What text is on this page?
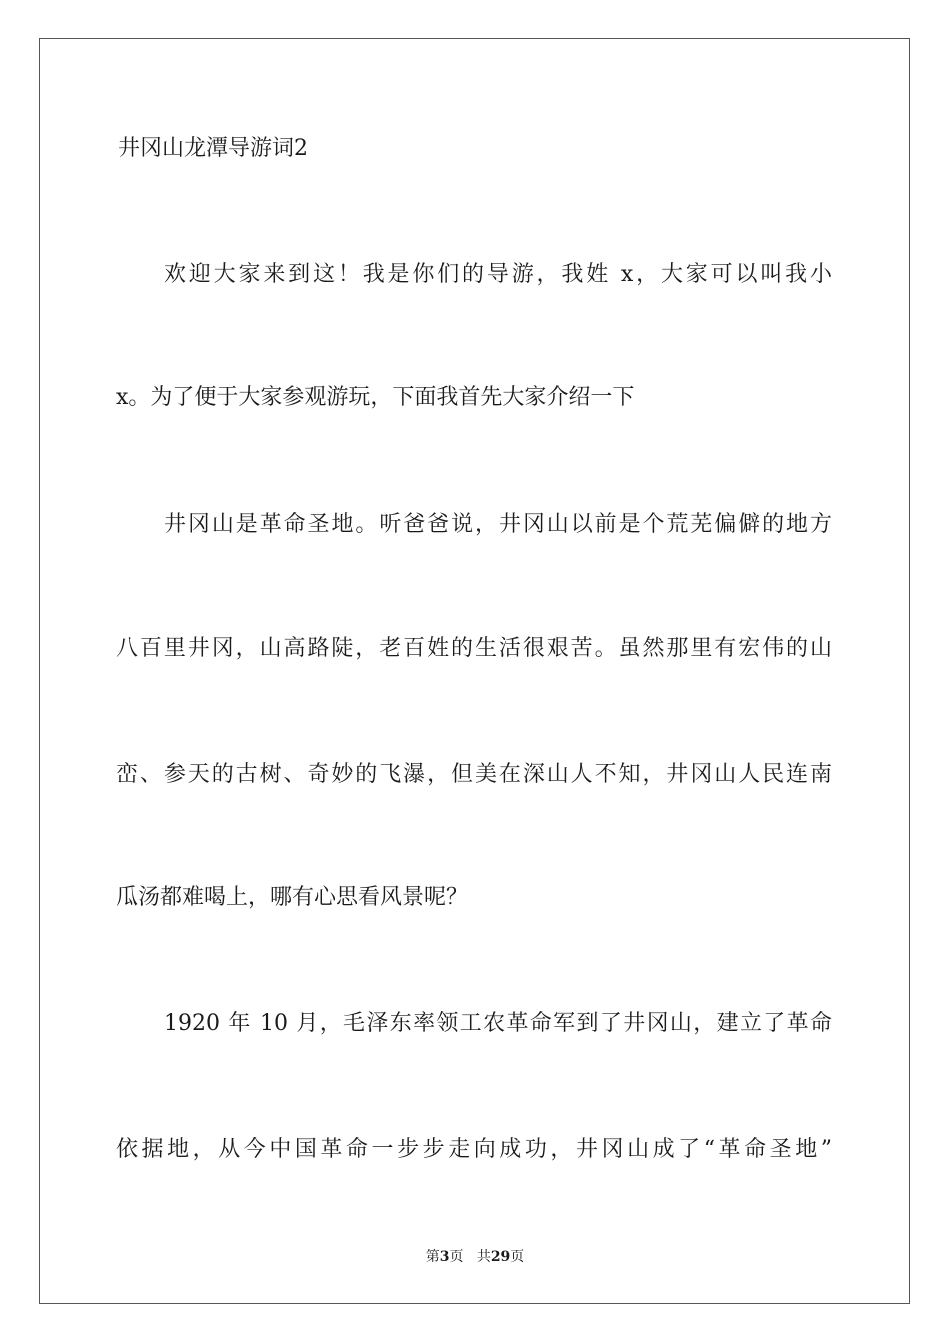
井冈山龙潭导游词2
欢迎大家来到这！我是你们的导游，我姓 x，大家可以叫我小
x。为了便于大家参观游玩，下面我首先大家介绍一下
井冈山是革命圣地。听爸爸说，井冈山以前是个荒芜偏僻的地方
八百里井冈，山高路陡，老百姓的生活很艰苦。虽然那里有宏伟的山
峦、参天的古树、奇妙的飞瀑，但美在深山人不知，井冈山人民连南
瓜汤都难喝上，哪有心思看风景呢？
1920 年 10 月，毛泽东率领工农革命军到了井冈山，建立了革命
依据地，从今中国革命一步步走向成功，井冈山成了“革命圣地”
第3页 共29页
